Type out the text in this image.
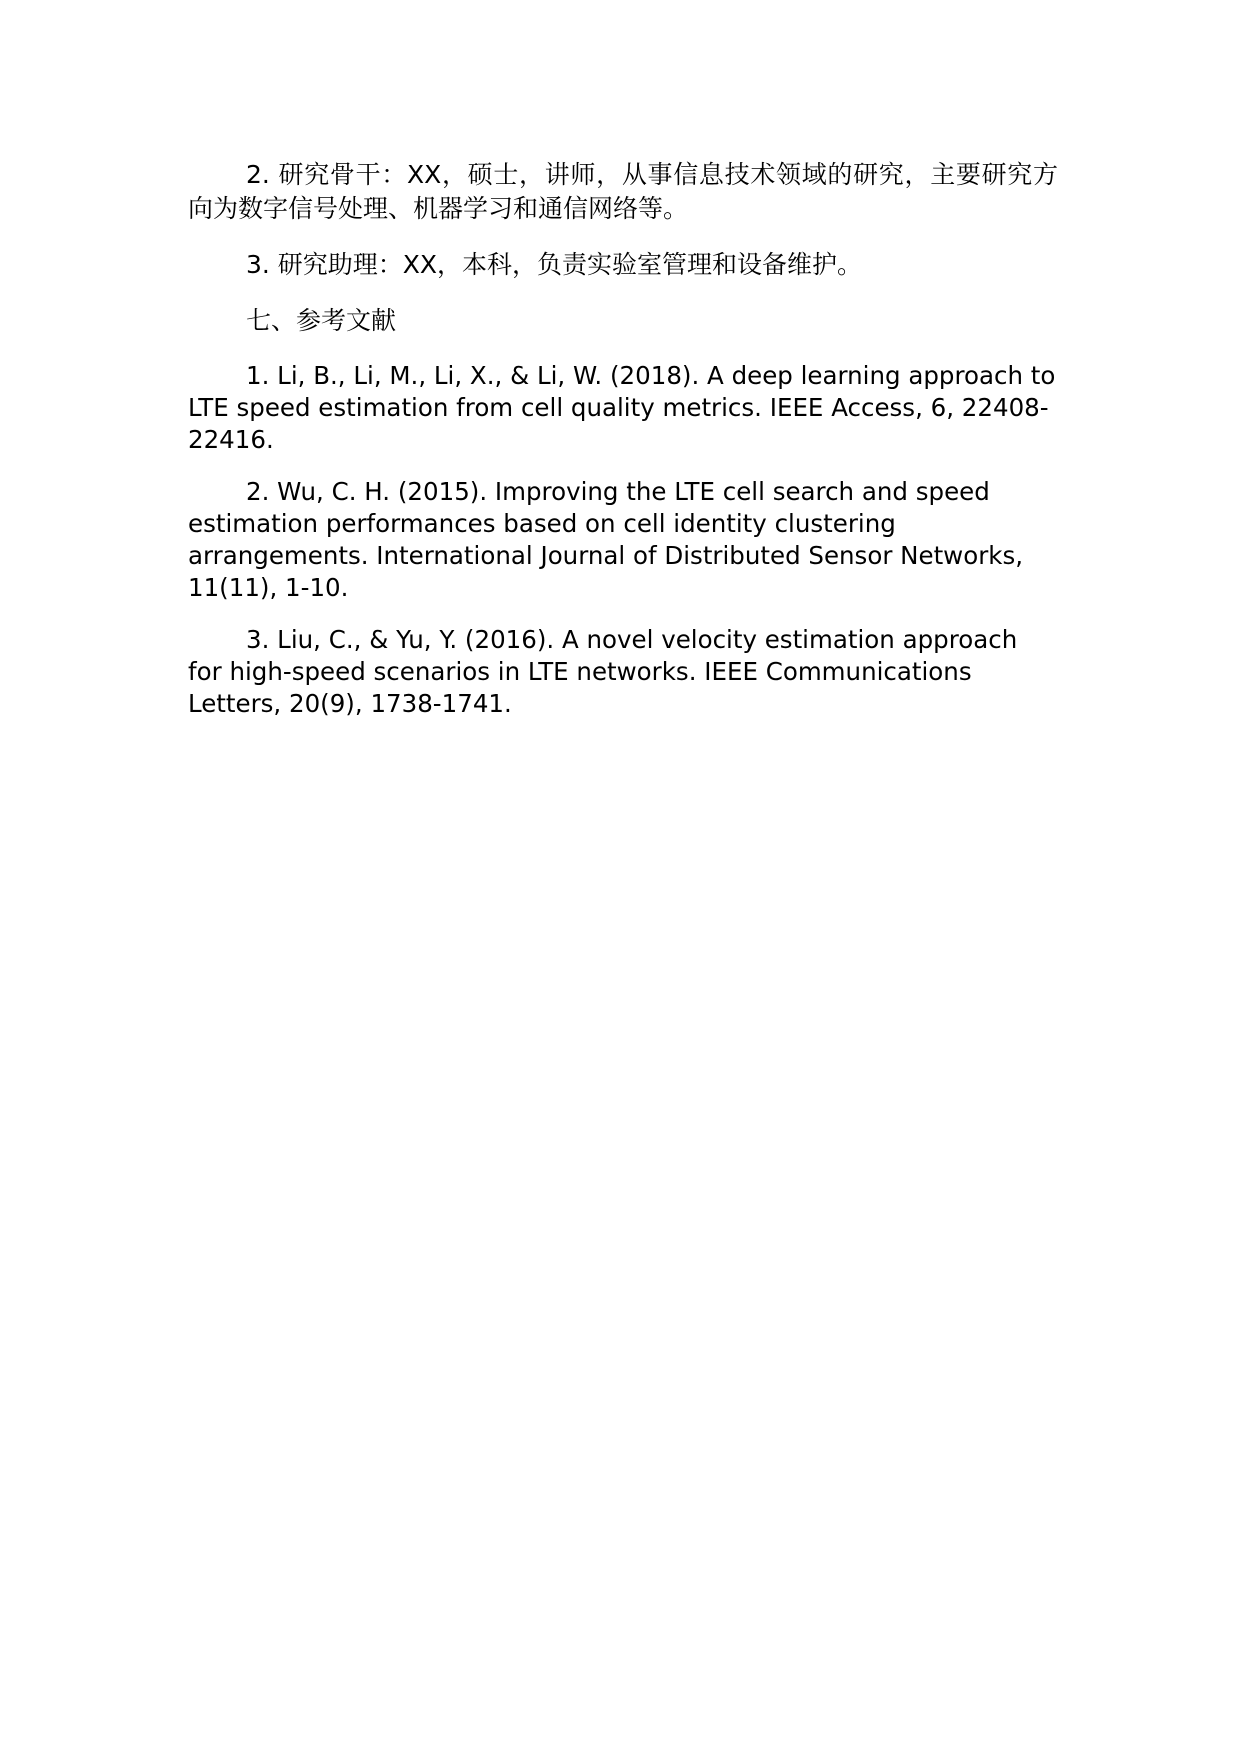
2. 研究骨干：XX，硕士，讲师，从事信息技术领域的研究，主要研究方向为数字信号处理、机器学习和通信网络等。

3. 研究助理：XX，本科，负责实验室管理和设备维护。

七、参考文献

1. Li, B., Li, M., Li, X., & Li, W. (2018). A deep learning approach to LTE speed estimation from cell quality metrics. IEEE Access, 6, 22408-22416.

2. Wu, C. H. (2015). Improving the LTE cell search and speed estimation performances based on cell identity clustering arrangements. International Journal of Distributed Sensor Networks, 11(11), 1-10.

3. Liu, C., & Yu, Y. (2016). A novel velocity estimation approach for high-speed scenarios in LTE networks. IEEE Communications Letters, 20(9), 1738-1741.
